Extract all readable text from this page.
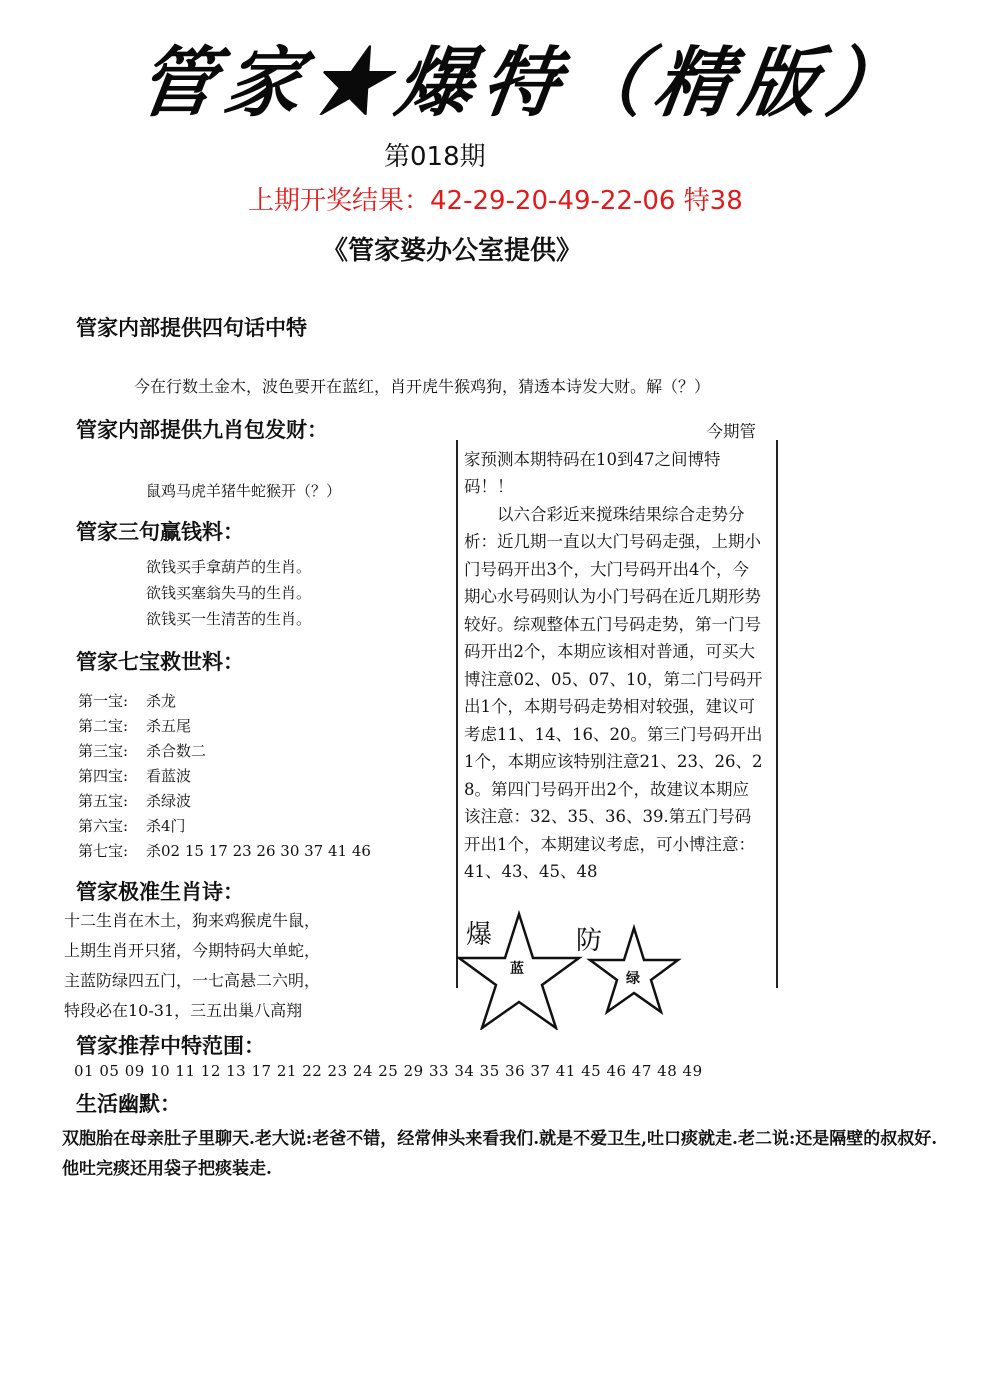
管家★爆特（精版）
第018期
上期开奖结果：42-29-20-49-22-06 特38
《管家婆办公室提供》
管家内部提供四句话中特
今在行数土金木，波色要开在蓝红，肖开虎牛猴鸡狗，猜透本诗发大财。解（？）
管家内部提供九肖包发财：
鼠鸡马虎羊猪牛蛇猴开（？）
管家三句赢钱料：
欲钱买手拿葫芦的生肖。
欲钱买塞翁失马的生肖。
欲钱买一生清苦的生肖。
管家七宝救世料：
第一宝: 杀龙
第二宝: 杀五尾
第三宝: 杀合数二
第四宝: 看蓝波
第五宝: 杀绿波
第六宝: 杀4门
第七宝: 杀02 15 17 23 26 30 37 41 46
管家极准生肖诗：
十二生肖在木土，狗来鸡猴虎牛鼠，
上期生肖开只猪，今期特码大单蛇，
主蓝防绿四五门，一七高悬二六明，
特段必在10-31，三五出巢八高翔

今期管

家预测本期特码在10到47之间博特码！！

以六合彩近来搅珠结果综合走势分析：近几期一直以大门号码走强，上期小门号码开出3个，大门号码开出4个，今期心水号码则认为小门号码在近几期形势较好。综观整体五门号码走势，第一门号码开出2个，本期应该相对普通，可买大博注意02、05、07、10，第二门号码开出1个，本期号码走势相对较强，建议可考虑11、14、16、20。第三门号码开出1个，本期应该特别注意21、23、26、28。第四门号码开出2个，故建议本期应该注意：32、35、36、39.第五门号码开出1个，本期建议考虑，可小博注意：41、43、45、48

爆
蓝
防
绿
管家推荐中特范围：
01 05 09 10 11 12 13 17 21 22 23 24 25 29 33 34 35 36 37 41 45 46 47 48 49
生活幽默：
双胞胎在母亲肚子里聊天.老大说:老爸不错，经常伸头来看我们.就是不爱卫生,吐口痰就走.老二说:还是隔壁的叔叔好.他吐完痰还用袋子把痰装走.
